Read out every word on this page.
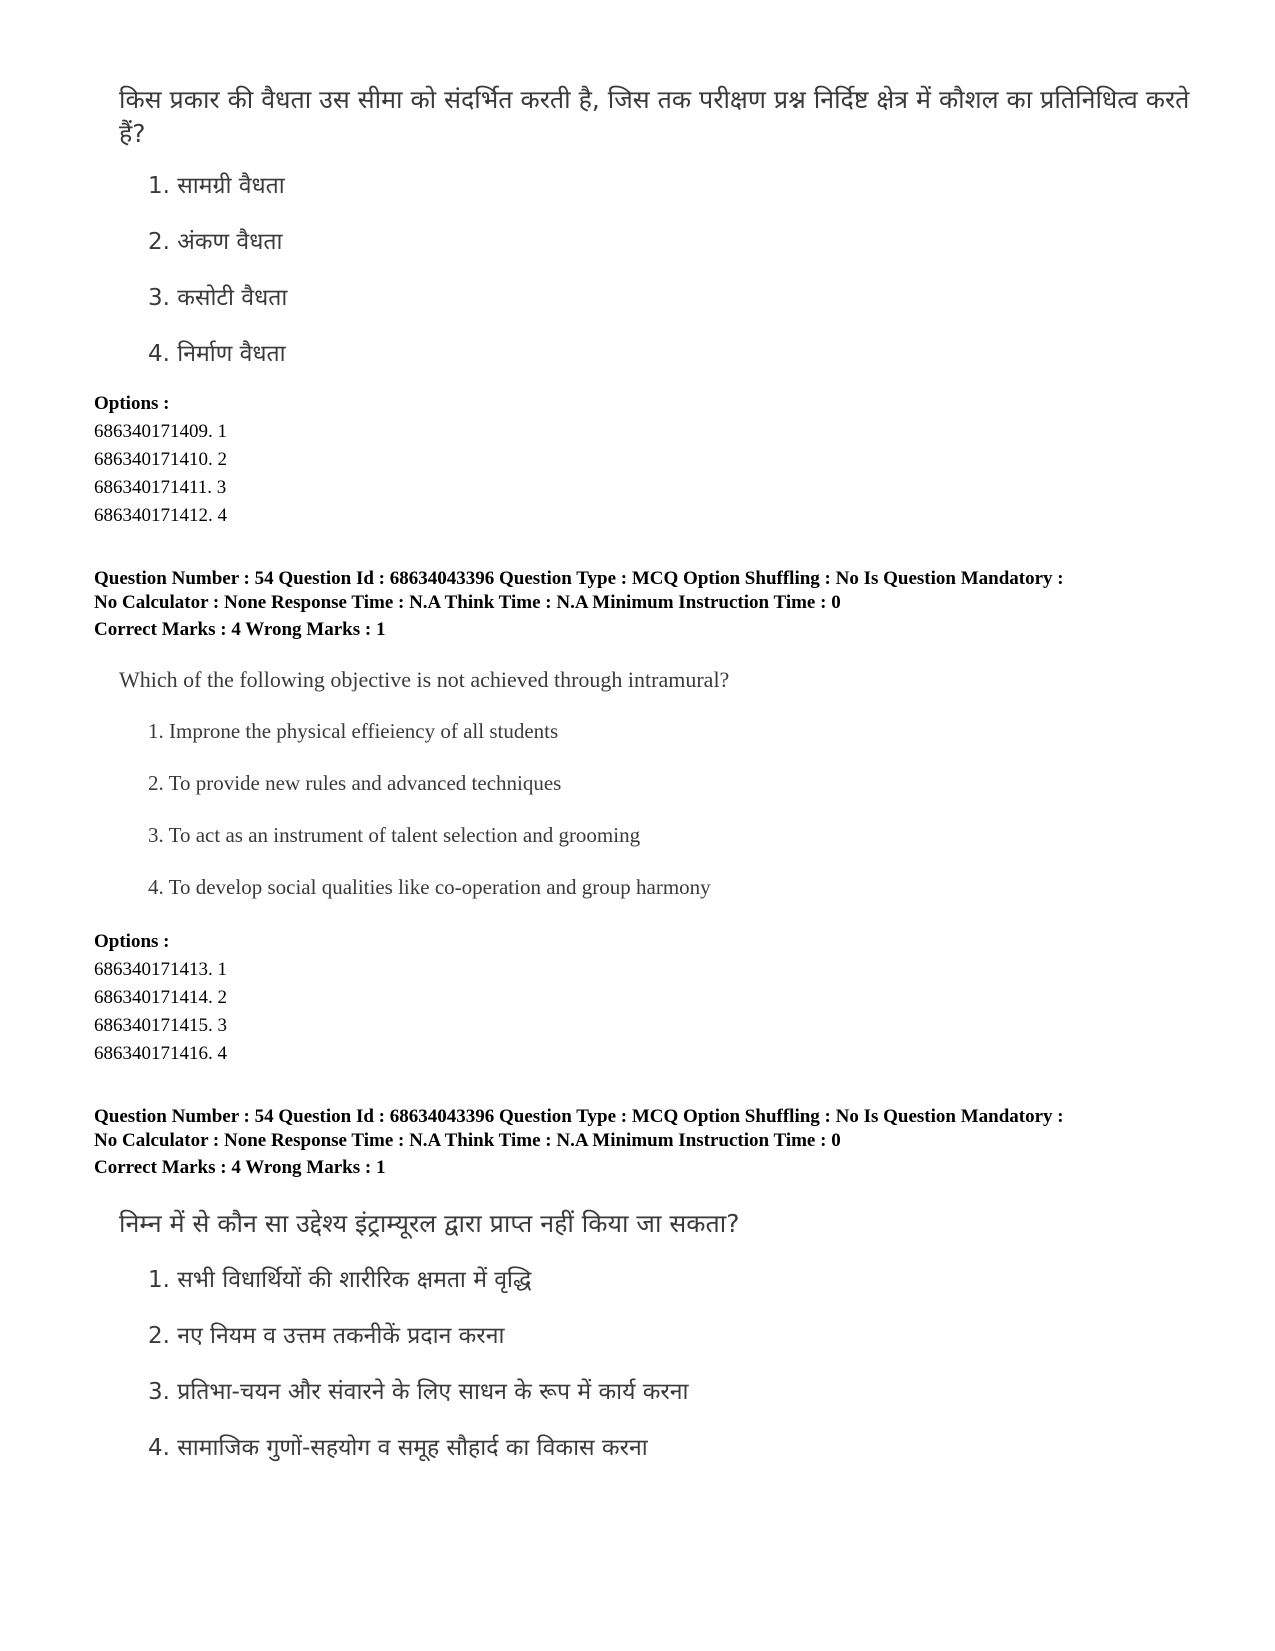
किस प्रकार की वैधता उस सीमा को संदर्भित करती है, जिस तक परीक्षण प्रश्न निर्दिष्ट क्षेत्र में कौशल का प्रतिनिधित्व करते
हैं?
1. सामग्री वैधता
2. अंकण वैधता
3. कसोटी वैधता
4. निर्माण वैधता
Options :
686340171409. 1
686340171410. 2
686340171411. 3
686340171412. 4
Question Number : 54 Question Id : 68634043396 Question Type : MCQ Option Shuffling : No Is Question Mandatory :
No Calculator : None Response Time : N.A Think Time : N.A Minimum Instruction Time : 0
Correct Marks : 4 Wrong Marks : 1
Which of the following objective is not achieved through intramural?
1. Improne the physical effieiency of all students
2. To provide new rules and advanced techniques
3. To act as an instrument of talent selection and grooming
4. To develop social qualities like co-operation and group harmony
Options :
686340171413. 1
686340171414. 2
686340171415. 3
686340171416. 4
Question Number : 54 Question Id : 68634043396 Question Type : MCQ Option Shuffling : No Is Question Mandatory :
No Calculator : None Response Time : N.A Think Time : N.A Minimum Instruction Time : 0
Correct Marks : 4 Wrong Marks : 1
निम्न में से कौन सा उद्देश्य इंट्राम्यूरल द्वारा प्राप्त नहीं किया जा सकता?
1. सभी विधार्थियों की शारीरिक क्षमता में वृद्धि
2. नए नियम व उत्तम तकनीकें प्रदान करना
3. प्रतिभा-चयन और संवारने के लिए साधन के रूप में कार्य करना
4. सामाजिक गुणों-सहयोग व समूह सौहार्द का विकास करना
